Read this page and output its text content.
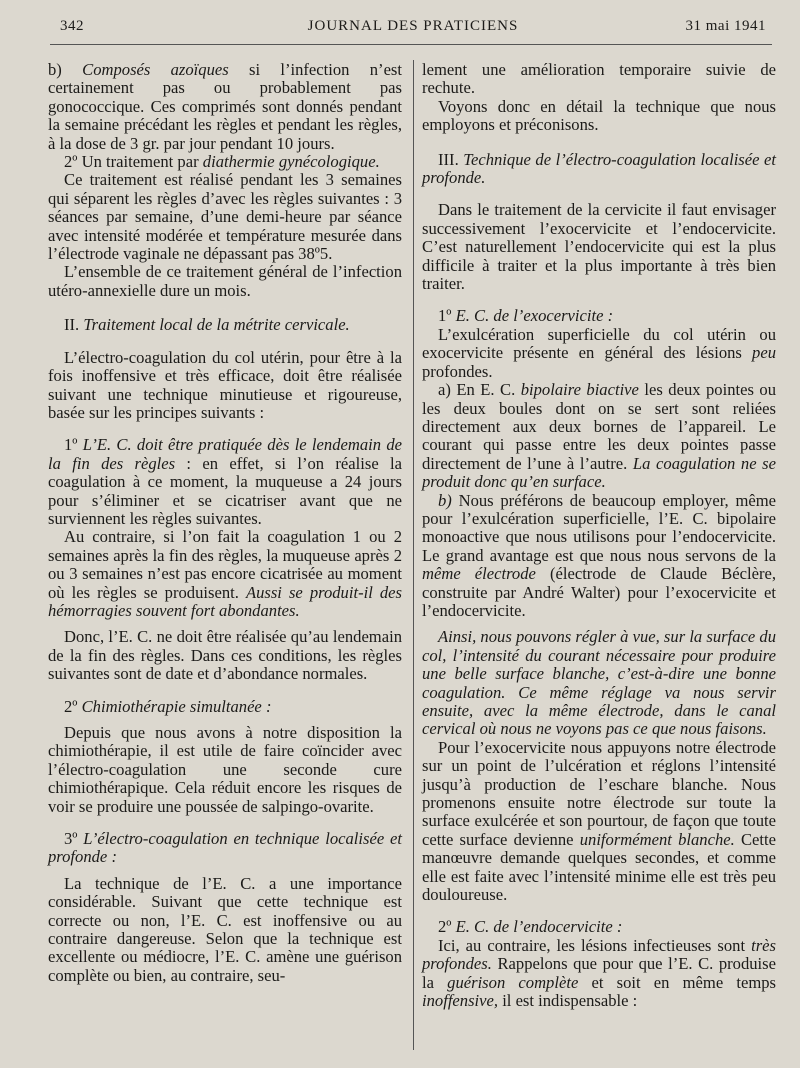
342	JOURNAL DES PRATICIENS	31 mai 1941

b) Composés azoïques si l’infection n’est certainement pas ou probablement pas gonococcique. Ces comprimés sont donnés pendant la semaine précédant les règles et pendant les règles, à la dose de 3 gr. par jour pendant 10 jours.

2º Un traitement par diathermie gynécologique.

Ce traitement est réalisé pendant les 3 semaines qui séparent les règles d’avec les règles suivantes : 3 séances par semaine, d’une demi-heure par séance avec intensité modérée et température mesurée dans l’électrode vaginale ne dépassant pas 38º5.

L’ensemble de ce traitement général de l’infection utéro-annexielle dure un mois.

II. Traitement local de la métrite cervicale.

L’électro-coagulation du col utérin, pour être à la fois inoffensive et très efficace, doit être réalisée suivant une technique minutieuse et rigoureuse, basée sur les principes suivants :

1º L’E. C. doit être pratiquée dès le lendemain de la fin des règles : en effet, si l’on réalise la coagulation à ce moment, la muqueuse a 24 jours pour s’éliminer et se cicatriser avant que ne surviennent les règles suivantes.

Au contraire, si l’on fait la coagulation 1 ou 2 semaines après la fin des règles, la muqueuse après 2 ou 3 semaines n’est pas encore cicatrisée au moment où les règles se produisent. Aussi se produit-il des hémorragies souvent fort abondantes.

Donc, l’E. C. ne doit être réalisée qu’au lendemain de la fin des règles. Dans ces conditions, les règles suivantes sont de date et d’abondance normales.

2º Chimiothérapie simultanée :

Depuis que nous avons à notre disposition la chimiothérapie, il est utile de faire coïncider avec l’électro-coagulation une seconde cure chimiothérapique. Cela réduit encore les risques de voir se produire une poussée de salpingo-ovarite.

3º L’électro-coagulation en technique localisée et profonde :

La technique de l’E. C. a une importance considérable. Suivant que cette technique est correcte ou non, l’E. C. est inoffensive ou au contraire dangereuse. Selon que la technique est excellente ou médiocre, l’E. C. amène une guérison complète ou bien, au contraire, seu-

lement une amélioration temporaire suivie de rechute.

Voyons donc en détail la technique que nous employons et préconisons.

III. Technique de l’électro-coagulation localisée et profonde.

Dans le traitement de la cervicite il faut envisager successivement l’exocervicite et l’endocervicite. C’est naturellement l’endocervicite qui est la plus difficile à traiter et la plus importante à très bien traiter.

1º E. C. de l’exocervicite :

L’exulcération superficielle du col utérin ou exocervicite présente en général des lésions peu profondes.

a) En E. C. bipolaire biactive les deux pointes ou les deux boules dont on se sert sont reliées directement aux deux bornes de l’appareil. Le courant qui passe entre les deux pointes passe directement de l’une à l’autre. La coagulation ne se produit donc qu’en surface.

b) Nous préférons de beaucoup employer, même pour l’exulcération superficielle, l’E. C. bipolaire monoactive que nous utilisons pour l’endocervicite. Le grand avantage est que nous nous servons de la même électrode (électrode de Claude Béclère, construite par André Walter) pour l’exocervicite et l’endocervicite.

Ainsi, nous pouvons régler à vue, sur la surface du col, l’intensité du courant nécessaire pour produire une belle surface blanche, c’est-à-dire une bonne coagulation. Ce même réglage va nous servir ensuite, avec la même électrode, dans le canal cervical où nous ne voyons pas ce que nous faisons.

Pour l’exocervicite nous appuyons notre électrode sur un point de l’ulcération et réglons l’intensité jusqu’à production de l’eschare blanche. Nous promenons ensuite notre électrode sur toute la surface exulcérée et son pourtour, de façon que toute cette surface devienne uniformément blanche. Cette manœuvre demande quelques secondes, et comme elle est faite avec l’intensité minime elle est très peu douloureuse.

2º E. C. de l’endocervicite :

Ici, au contraire, les lésions infectieuses sont très profondes. Rappelons que pour que l’E. C. produise la guérison complète et soit en même temps inoffensive, il est indispensable :
